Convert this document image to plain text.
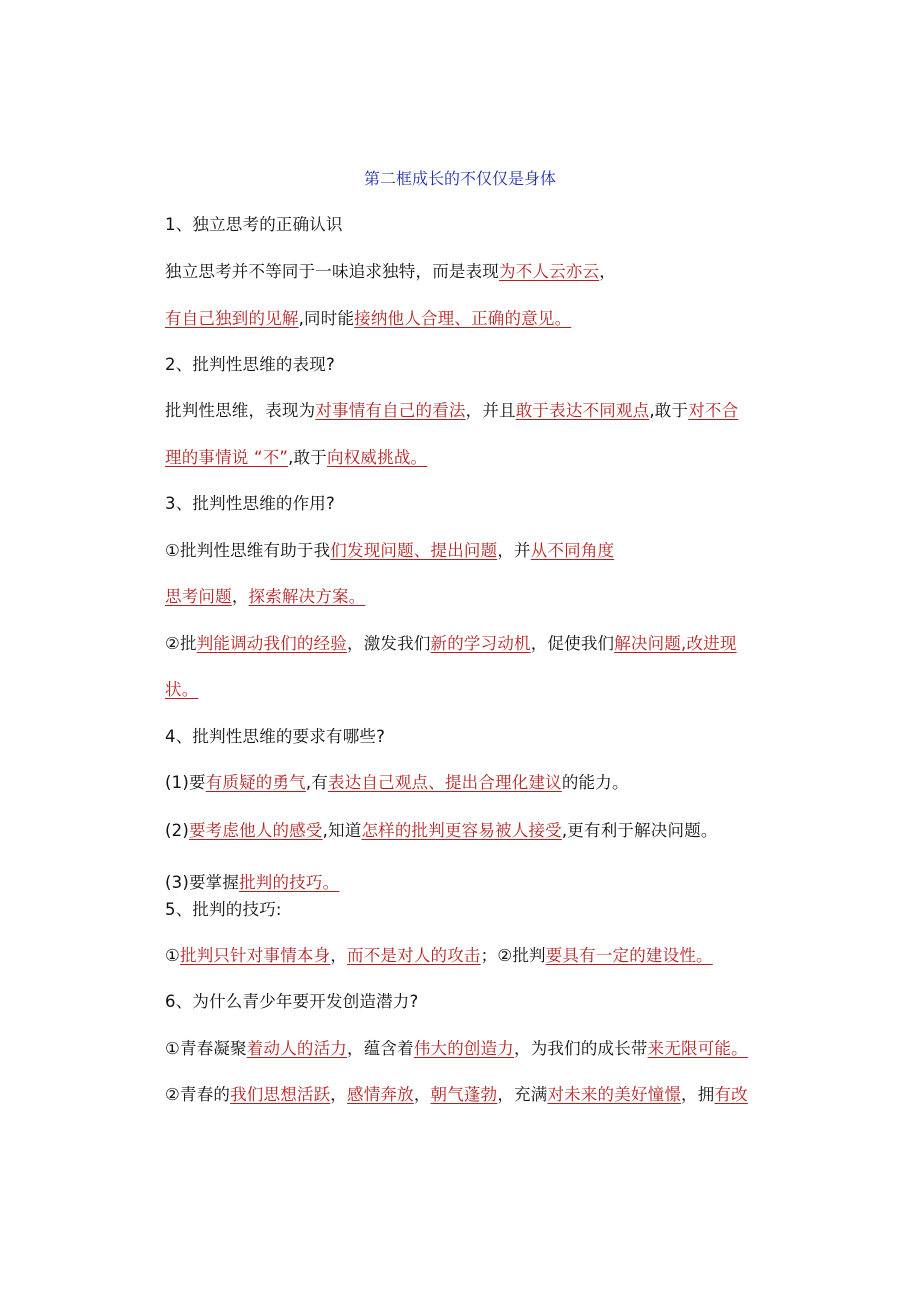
第二框成长的不仅仅是身体
1、独立思考的正确认识
独立思考并不等同于一味追求独特，而是表现为不人云亦云，
有自己独到的见解,同时能接纳他人合理、正确的意见。
2、批判性思维的表现?
批判性思维，表现为对事情有自己的看法，并且敢于表达不同观点,敢于对不合
理的事情说 “不”,敢于向权威挑战。
3、批判性思维的作用?
①批判性思维有助于我们发现问题、提出问题，并从不同角度
思考问题，探索解决方案。
②批判能调动我们的经验，激发我们新的学习动机，促使我们解决问题,改进现
状。
4、批判性思维的要求有哪些?
(1)要有质疑的勇气,有表达自己观点、提出合理化建议的能力。
(2)要考虑他人的感受,知道怎样的批判更容易被人接受,更有利于解决问题。
(3)要掌握批判的技巧。
5、批判的技巧:
①批判只针对事情本身，而不是对人的攻击；②批判要具有一定的建设性。
6、为什么青少年要开发创造潜力?
①青春凝聚着动人的活力，蕴含着伟大的创造力，为我们的成长带来无限可能。
②青春的我们思想活跃，感情奔放，朝气蓬勃，充满对未来的美好憧憬，拥有改
